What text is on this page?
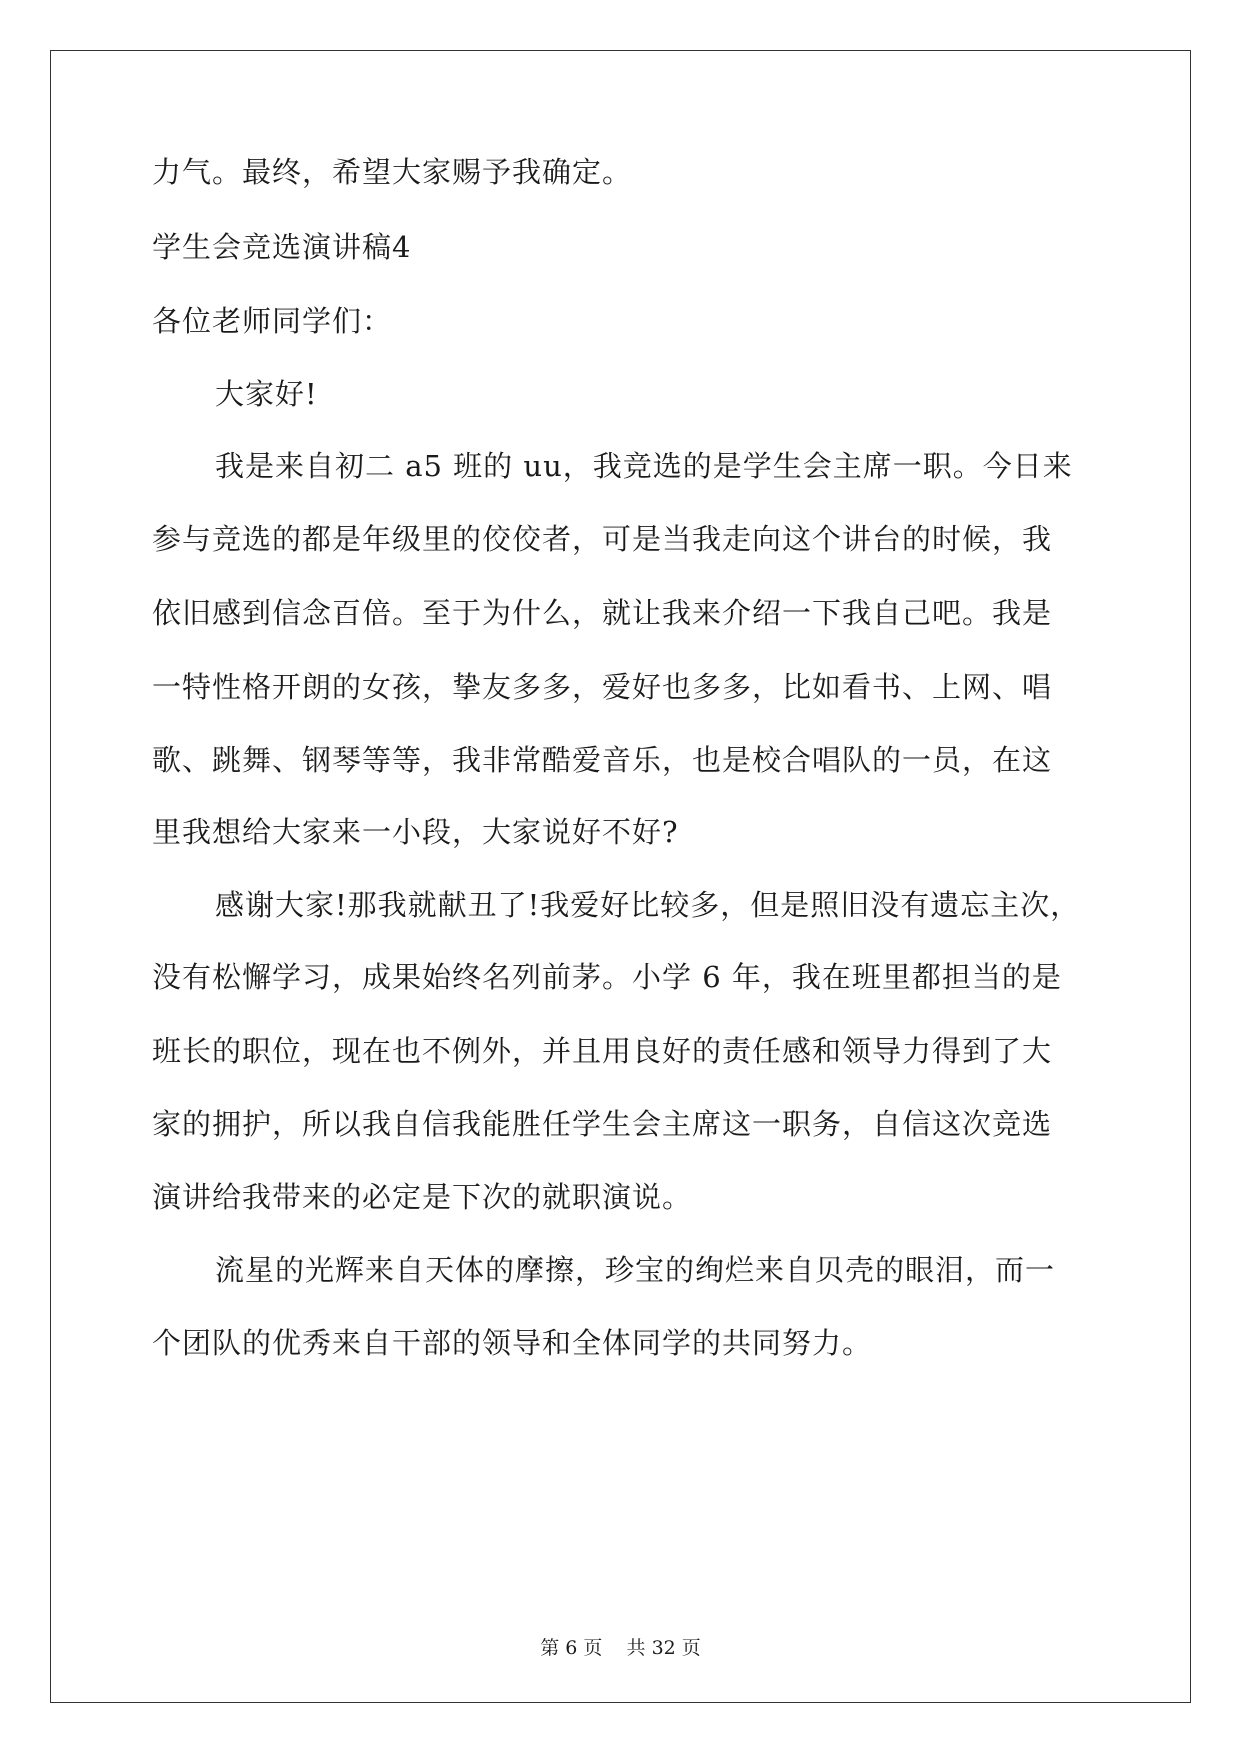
力气。最终，希望大家赐予我确定。
学生会竞选演讲稿4
各位老师同学们：
大家好!
我是来自初二 a5 班的 uu，我竞选的是学生会主席一职。今日来
参与竞选的都是年级里的佼佼者，可是当我走向这个讲台的时候，我
依旧感到信念百倍。至于为什么，就让我来介绍一下我自己吧。我是
一特性格开朗的女孩，挚友多多，爱好也多多，比如看书、上网、唱
歌、跳舞、钢琴等等，我非常酷爱音乐，也是校合唱队的一员，在这
里我想给大家来一小段，大家说好不好?
感谢大家!那我就献丑了!我爱好比较多，但是照旧没有遗忘主次，
没有松懈学习，成果始终名列前茅。小学 6 年，我在班里都担当的是
班长的职位，现在也不例外，并且用良好的责任感和领导力得到了大
家的拥护，所以我自信我能胜任学生会主席这一职务，自信这次竞选
演讲给我带来的必定是下次的就职演说。
流星的光辉来自天体的摩擦，珍宝的绚烂来自贝壳的眼泪，而一
个团队的优秀来自干部的领导和全体同学的共同努力。
第 6 页    共 32 页
